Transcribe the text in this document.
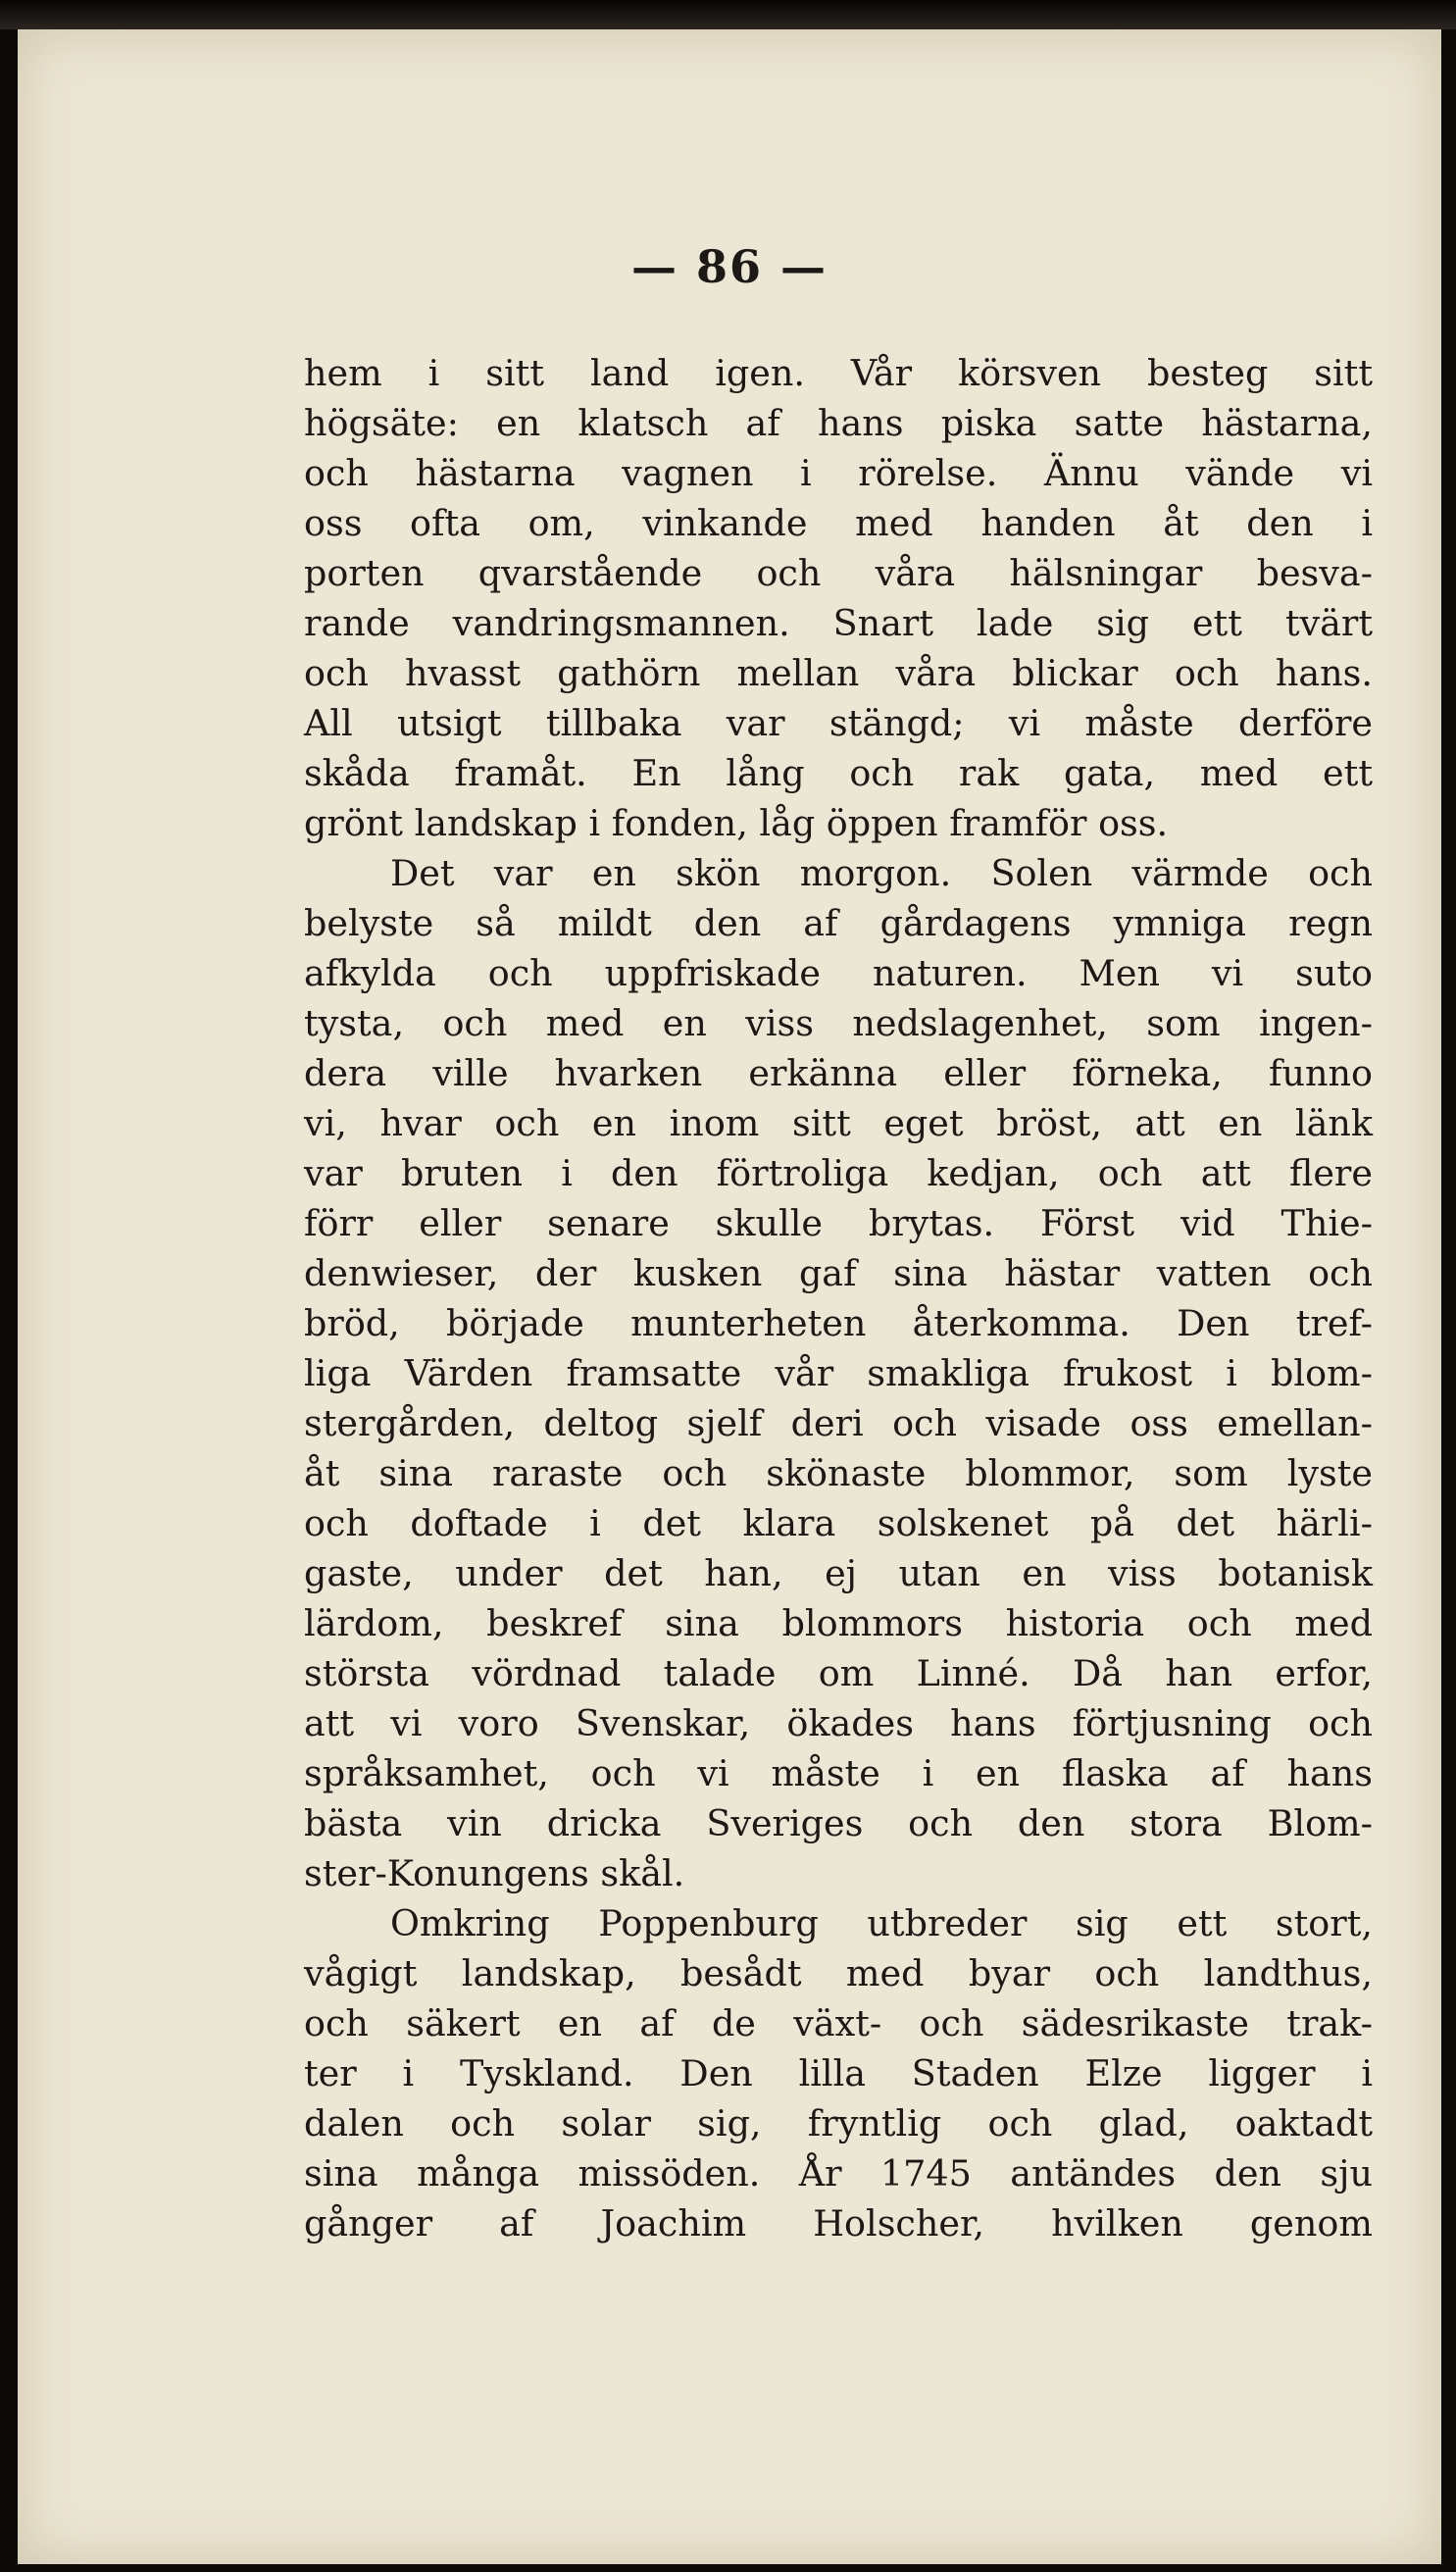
— 86 —
hem i sitt land igen. Vår körsven besteg sitt
högsäte: en klatsch af hans piska satte hästarna,
och hästarna vagnen i rörelse. Ännu vände vi
oss ofta om, vinkande med handen åt den i
porten qvarstående och våra hälsningar besva-
rande vandringsmannen. Snart lade sig ett tvärt
och hvasst gathörn mellan våra blickar och hans.
All utsigt tillbaka var stängd; vi måste derföre
skåda framåt. En lång och rak gata, med ett
grönt landskap i fonden, låg öppen framför oss.
Det var en skön morgon. Solen värmde och
belyste så mildt den af gårdagens ymniga regn
afkylda och uppfriskade naturen. Men vi suto
tysta, och med en viss nedslagenhet, som ingen-
dera ville hvarken erkänna eller förneka, funno
vi, hvar och en inom sitt eget bröst, att en länk
var bruten i den förtroliga kedjan, och att flere
förr eller senare skulle brytas. Först vid Thie-
denwieser, der kusken gaf sina hästar vatten och
bröd, började munterheten återkomma. Den tref-
liga Värden framsatte vår smakliga frukost i blom-
stergården, deltog sjelf deri och visade oss emellan-
åt sina raraste och skönaste blommor, som lyste
och doftade i det klara solskenet på det härli-
gaste, under det han, ej utan en viss botanisk
lärdom, beskref sina blommors historia och med
största vördnad talade om Linné. Då han erfor,
att vi voro Svenskar, ökades hans förtjusning och
språksamhet, och vi måste i en flaska af hans
bästa vin dricka Sveriges och den stora Blom-
ster-Konungens skål.
Omkring Poppenburg utbreder sig ett stort,
vågigt landskap, besådt med byar och landthus,
och säkert en af de växt- och sädesrikaste trak-
ter i Tyskland. Den lilla Staden Elze ligger i
dalen och solar sig, fryntlig och glad, oaktadt
sina många missöden. År 1745 antändes den sju
gånger af Joachim Holscher, hvilken genom
